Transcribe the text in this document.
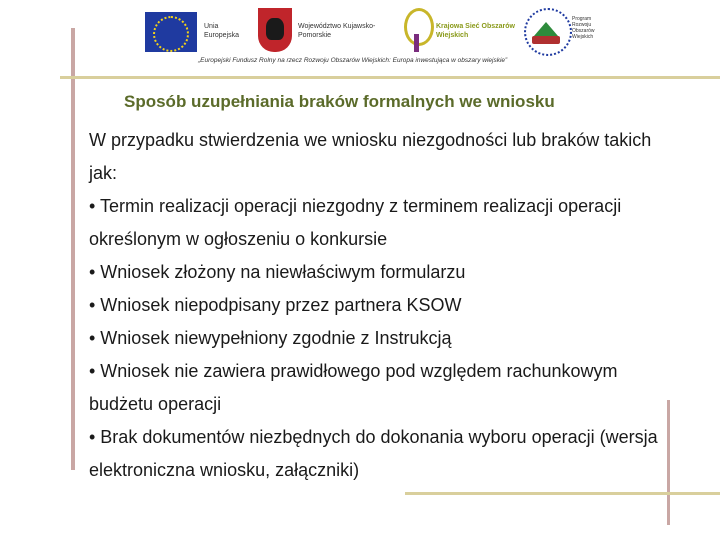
Unia Europejska
Województwo Kujawsko-Pomorskie
Krajowa Sieć Obszarów Wiejskich
Program Rozwoju Obszarów Wiejskich
„Europejski Fundusz Rolny na rzecz Rozwoju Obszarów Wiejskich: Europa inwestująca w obszary wiejskie”
Sposób uzupełniania braków formalnych we wniosku

W przypadku stwierdzenia we wniosku niezgodności lub braków takich jak:

• Termin realizacji operacji niezgodny z terminem realizacji operacji określonym w ogłoszeniu o konkursie

• Wniosek złożony na niewłaściwym formularzu

• Wniosek niepodpisany przez partnera KSOW

• Wniosek niewypełniony zgodnie z Instrukcją

• Wniosek nie zawiera prawidłowego pod względem rachunkowym budżetu operacji

• Brak dokumentów niezbędnych do dokonania wyboru operacji (wersja elektroniczna wniosku, załączniki)
